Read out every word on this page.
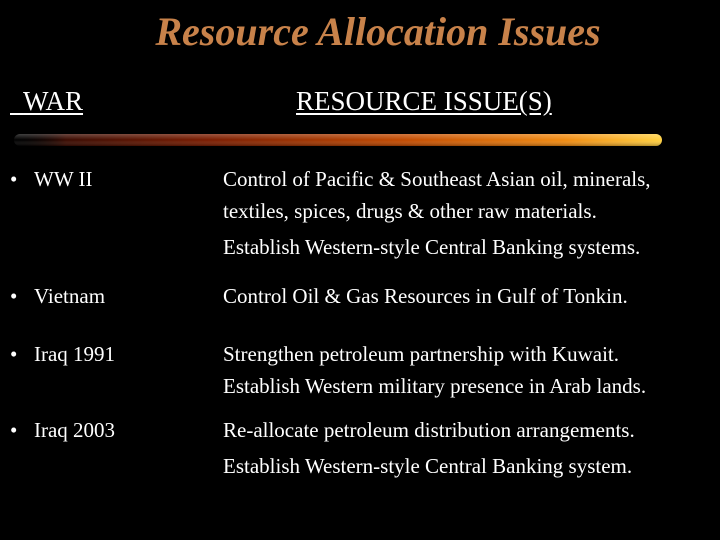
Resource Allocation Issues
WAR	RESOURCE ISSUE(S)
• WW II	Control of Pacific & Southeast Asian oil, minerals,
textiles, spices, drugs & other raw materials.
Establish Western-style Central Banking systems.
• Vietnam	Control Oil & Gas Resources in Gulf of Tonkin.
• Iraq 1991	Strengthen petroleum partnership with Kuwait.
Establish Western military presence in Arab lands.
• Iraq 2003	Re-allocate petroleum distribution arrangements.
Establish Western-style Central Banking system.
